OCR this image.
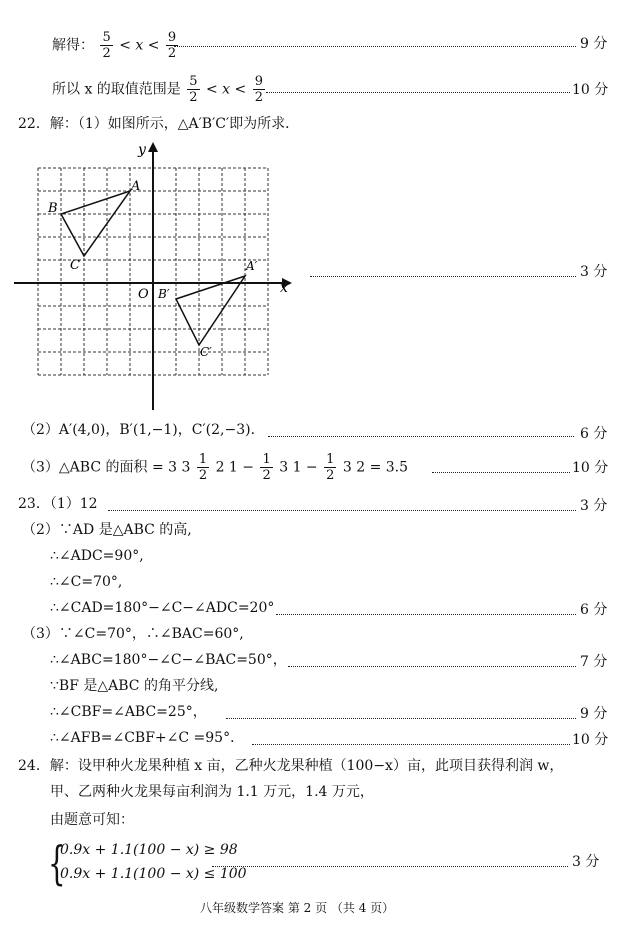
解得： $\frac{5}{2} < x < \frac{9}{2}$	9 分
所以 x 的取值范围是 $\frac{5}{2} < x < \frac{9}{2}$	10 分
22．解：（1）如图所示，△A′B′C′即为所求．
y
x
O
A
B
C	A′
B′
C′
3 分
（2）A′(4,0)，B′(1,−1)，C′(2,−3)．	6 分
（3）△ABC 的面积 = 3 $3 \frac{1}{2} 2$ $1 - \frac{1}{2} 3$ $1 - \frac{1}{2} 3$ 2 = 3.5	10 分
23．（1）12	3 分
（2）∵AD 是△ABC 的高,
∴∠ADC=90°,
∴∠C=70°,
∴∠CAD=180°−∠C−∠ADC=20°	6 分
（3）∵∠C=70°，∴∠BAC=60°,
∴∠ABC=180°−∠C−∠BAC=50°，	7 分
∵BF 是△ABC 的角平分线,
∴∠CBF=∠ABC=25°，	9 分
∴∠AFB=∠CBF+∠C =95°．	10 分
24．解：设甲种火龙果种植 x 亩，乙种火龙果种植（100−x）亩，此项目获得利润 w，
甲、乙两种火龙果每亩利润为 1.1 万元，1.4 万元，
由题意可知：
{
0.9x + 1.1(100 − x) ≥ 98
0.9x + 1.1(100 − x) ≤ 100
3 分
八年级数学答案 第 2 页 （共 4 页）
